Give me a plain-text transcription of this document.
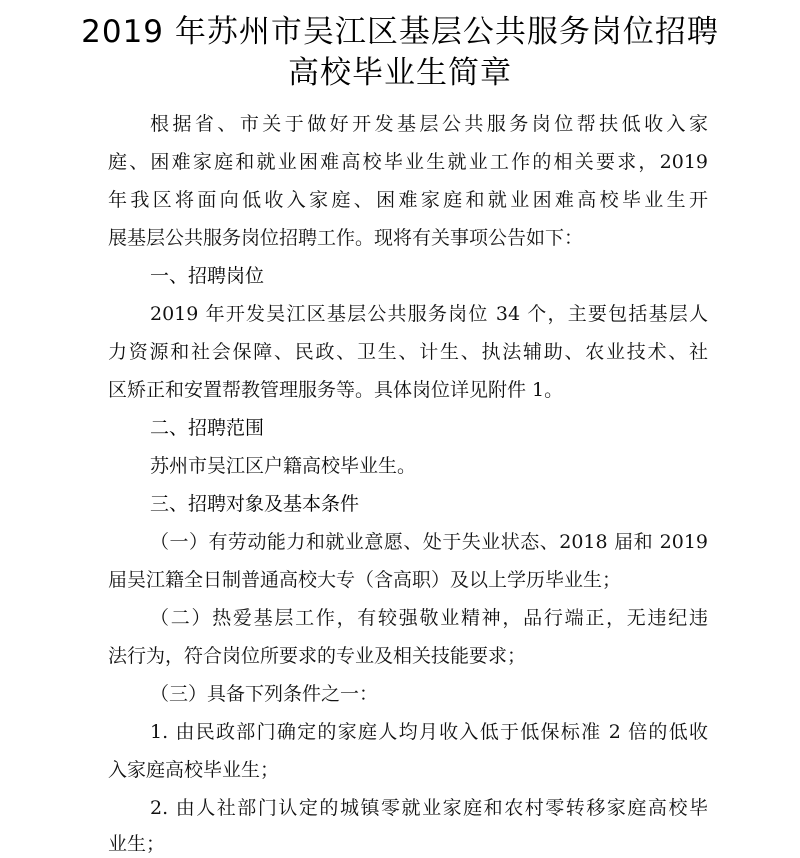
2019 年苏州市吴江区基层公共服务岗位招聘
高校毕业生简章
根据省、市关于做好开发基层公共服务岗位帮扶低收入家
庭、困难家庭和就业困难高校毕业生就业工作的相关要求，2019
年我区将面向低收入家庭、困难家庭和就业困难高校毕业生开
展基层公共服务岗位招聘工作。现将有关事项公告如下：
一、招聘岗位
2019 年开发吴江区基层公共服务岗位 34 个，主要包括基层人
力资源和社会保障、民政、卫生、计生、执法辅助、农业技术、社
区矫正和安置帮教管理服务等。具体岗位详见附件 1。
二、招聘范围
苏州市吴江区户籍高校毕业生。
三、招聘对象及基本条件
（一）有劳动能力和就业意愿、处于失业状态、2018 届和 2019
届吴江籍全日制普通高校大专（含高职）及以上学历毕业生；
（二）热爱基层工作，有较强敬业精神，品行端正，无违纪违
法行为，符合岗位所要求的专业及相关技能要求；
（三）具备下列条件之一：
1. 由民政部门确定的家庭人均月收入低于低保标准 2 倍的低收
入家庭高校毕业生；
2. 由人社部门认定的城镇零就业家庭和农村零转移家庭高校毕
业生；
